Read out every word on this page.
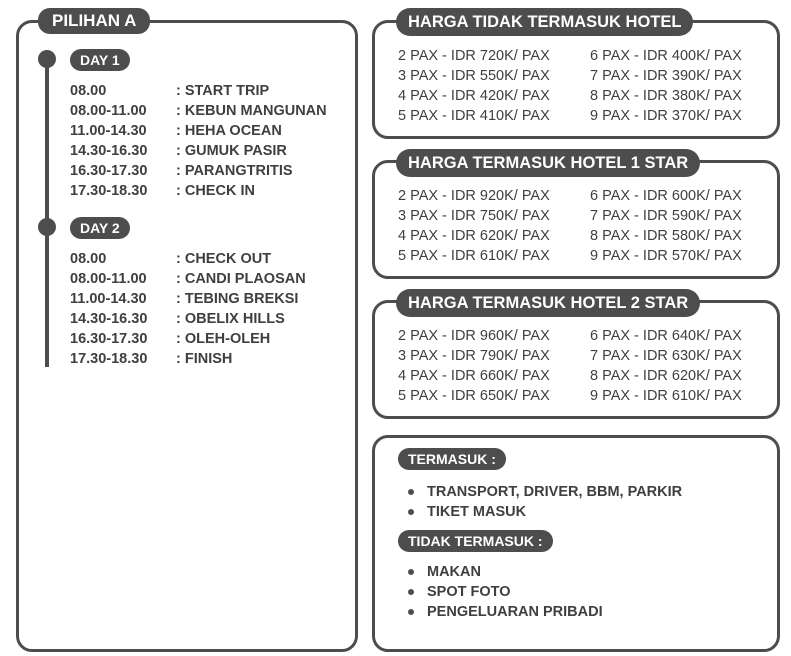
PILIHAN A
DAY 1
DAY 2
08.00	: START TRIP
08.00-11.00	: KEBUN MANGUNAN
11.00-14.30	: HEHA OCEAN
14.30-16.30	: GUMUK PASIR
16.30-17.30	: PARANGTRITIS
17.30-18.30	: CHECK IN
08.00	: CHECK OUT
08.00-11.00	: CANDI PLAOSAN
11.00-14.30	: TEBING BREKSI
14.30-16.30	: OBELIX HILLS
16.30-17.30	: OLEH-OLEH
17.30-18.30	: FINISH
HARGA TIDAK TERMASUK HOTEL
2 PAX - IDR 720K/ PAX	6 PAX - IDR 400K/ PAX
3 PAX - IDR 550K/ PAX	7 PAX - IDR 390K/ PAX
4 PAX - IDR 420K/ PAX	8 PAX - IDR 380K/ PAX
5 PAX - IDR 410K/ PAX	9 PAX - IDR 370K/ PAX
HARGA TERMASUK HOTEL 1 STAR
2 PAX - IDR 920K/ PAX	6 PAX - IDR 600K/ PAX
3 PAX - IDR 750K/ PAX	7 PAX - IDR 590K/ PAX
4 PAX - IDR 620K/ PAX	8 PAX - IDR 580K/ PAX
5 PAX - IDR 610K/ PAX	9 PAX - IDR 570K/ PAX
HARGA TERMASUK HOTEL 2 STAR
2 PAX - IDR 960K/ PAX	6 PAX - IDR 640K/ PAX
3 PAX - IDR 790K/ PAX	7 PAX - IDR 630K/ PAX
4 PAX - IDR 660K/ PAX	8 PAX - IDR 620K/ PAX
5 PAX - IDR 650K/ PAX	9 PAX - IDR 610K/ PAX
TERMASUK :
TRANSPORT, DRIVER, BBM, PARKIR
TIKET MASUK
TIDAK TERMASUK :
MAKAN
SPOT FOTO
PENGELUARAN PRIBADI
